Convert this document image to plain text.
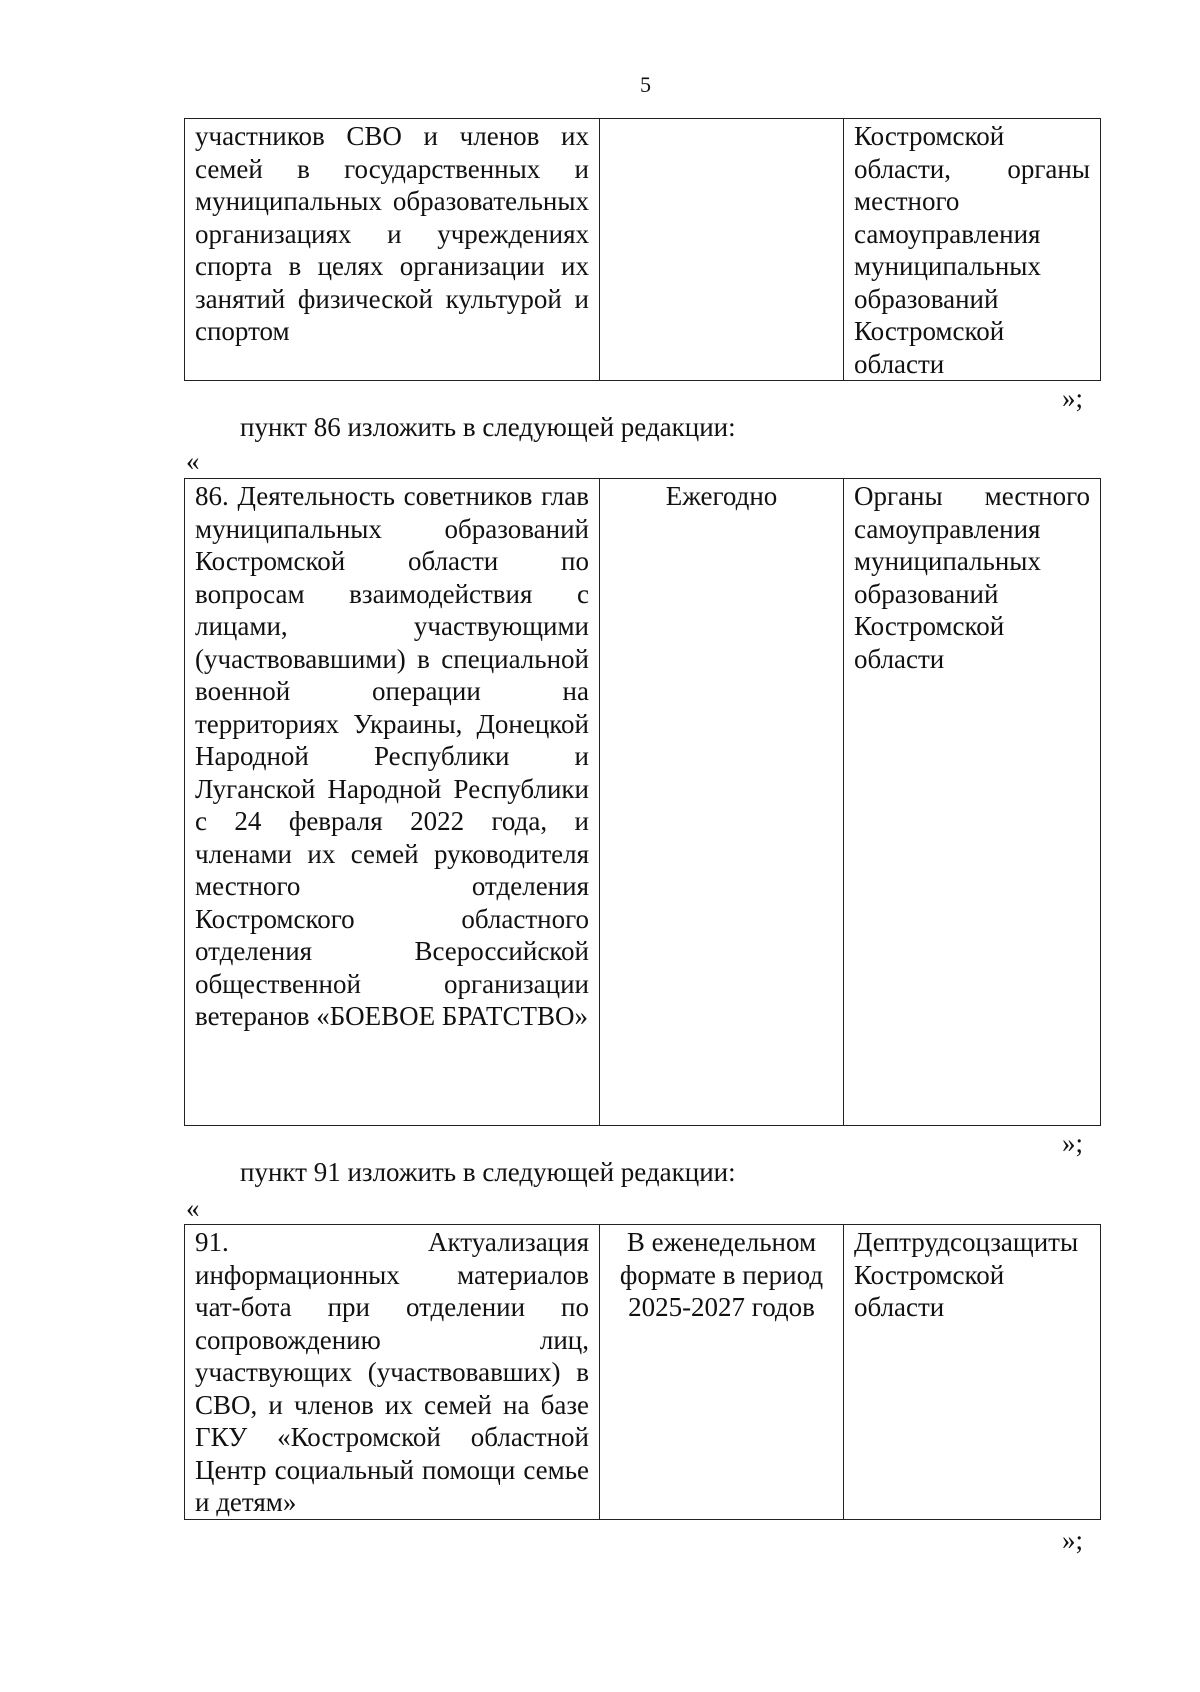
5
участников СВО и членов их семей в государственных и муниципальных образовательных организациях и учреждениях спорта в целях организации их занятий физической культурой и спортом		Костромской области, органы местного самоуправления муниципальных образований Костромской области
»;
пункт 86 изложить в следующей редакции:
«
86. Деятельность советников глав муниципальных образований Костромской области по вопросам взаимодействия с лицами, участвующими (участвовавшими) в специальной военной операции на территориях Украины, Донецкой Народной Республики и Луганской Народной Республики с 24 февраля 2022 года, и членами их семей руководителя местного отделения Костромского областного отделения Всероссийской общественной организации ветеранов «БОЕВОЕ БРАТСТВО»	Ежегодно	Органы местного самоуправления муниципальных образований Костромской области
»;
пункт 91 изложить в следующей редакции:
«
91. Актуализация информационных материалов чат-бота при отделении по сопровождению лиц, участвующих (участвовавших) в СВО, и членов их семей на базе ГКУ «Костромской областной Центр социальный помощи семье и детям»	В еженедельном формате в период 2025-2027 годов	Дептрудсоцзащиты Костромской области
»;
